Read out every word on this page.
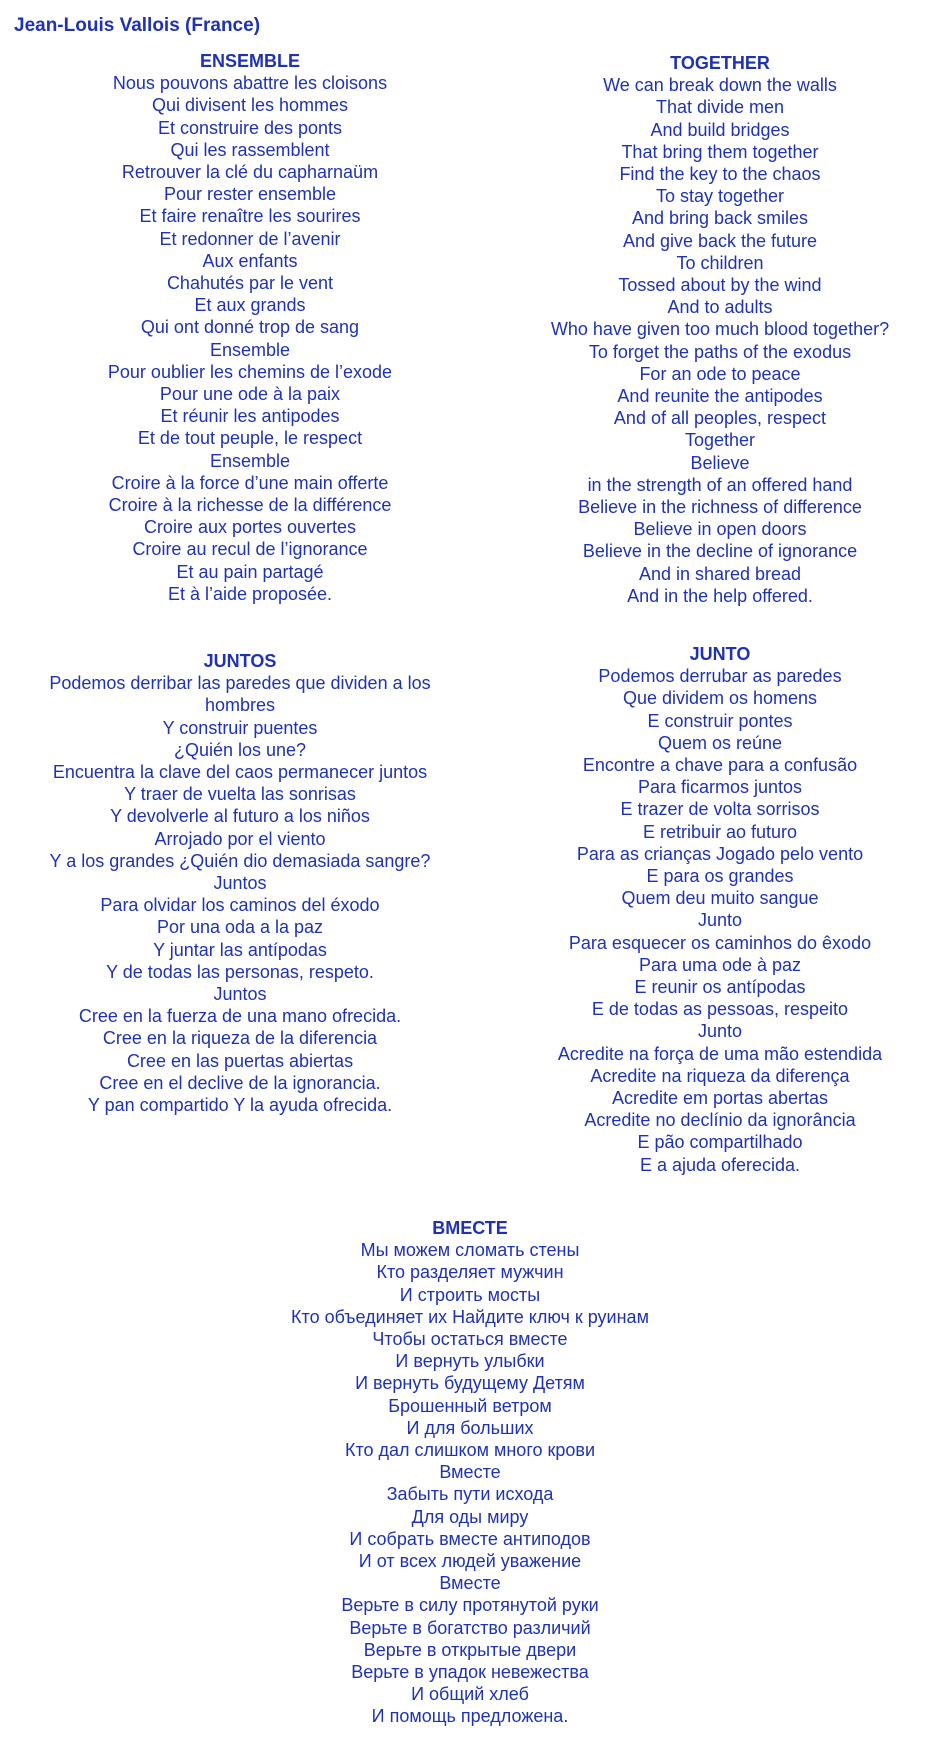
Jean-Louis Vallois (France)
ENSEMBLE
Nous pouvons abattre les cloisons
Qui divisent les hommes
Et construire des ponts
Qui les rassemblent
Retrouver la clé du capharnaüm
Pour rester ensemble
Et faire renaître les sourires
Et redonner de l’avenir
Aux enfants
Chahutés par le vent
Et aux grands
Qui ont donné trop de sang
Ensemble
Pour oublier les chemins de l’exode
Pour une ode à la paix
Et réunir les antipodes
Et de tout peuple, le respect
Ensemble
Croire à la force d’une main offerte
Croire à la richesse de la différence
Croire aux portes ouvertes
Croire au recul de l’ignorance
Et au pain partagé
Et à l’aide proposée.
TOGETHER
We can break down the walls
That divide men
And build bridges
That bring them together
Find the key to the chaos
To stay together
And bring back smiles
And give back the future
To children
Tossed about by the wind
And to adults
Who have given too much blood together?
To forget the paths of the exodus
For an ode to peace
And reunite the antipodes
And of all peoples, respect
Together
Believe
in the strength of an offered hand
Believe in the richness of difference
Believe in open doors
Believe in the decline of ignorance
And in shared bread
And in the help offered.
JUNTOS
Podemos derribar las paredes que dividen a los hombres
Y construir puentes
¿Quién los une?
Encuentra la clave del caos permanecer juntos
Y traer de vuelta las sonrisas
Y devolverle al futuro a los niños
Arrojado por el viento
Y a los grandes ¿Quién dio demasiada sangre?
Juntos
Para olvidar los caminos del éxodo
Por una oda a la paz
Y juntar las antípodas
Y de todas las personas, respeto.
Juntos
Cree en la fuerza de una mano ofrecida.
Cree en la riqueza de la diferencia
Cree en las puertas abiertas
Cree en el declive de la ignorancia.
Y pan compartido Y la ayuda ofrecida.
JUNTO
Podemos derrubar as paredes
Que dividem os homens
E construir pontes
Quem os reúne
Encontre a chave para a confusão
Para ficarmos juntos
E trazer de volta sorrisos
E retribuir ao futuro
Para as crianças Jogado pelo vento
E para os grandes
Quem deu muito sangue
Junto
Para esquecer os caminhos do êxodo
Para uma ode à paz
E reunir os antípodas
E de todas as pessoas, respeito
Junto
Acredite na força de uma mão estendida
Acredite na riqueza da diferença
Acredite em portas abertas
Acredite no declínio da ignorância
E pão compartilhado
E a ajuda oferecida.
ВМЕСТЕ
Мы можем сломать стены
Кто разделяет мужчин
И строить мосты
Кто объединяет их Найдите ключ к руинам
Чтобы остаться вместе
И вернуть улыбки
И вернуть будущему Детям
Брошенный ветром
И для больших
Кто дал слишком много крови
Вместе
Забыть пути исхода
Для оды миру
И собрать вместе антиподов
И от всех людей уважение
Вместе
Верьте в силу протянутой руки
Верьте в богатство различий
Верьте в открытые двери
Верьте в упадок невежества
И общий хлеб
И помощь предложена.
